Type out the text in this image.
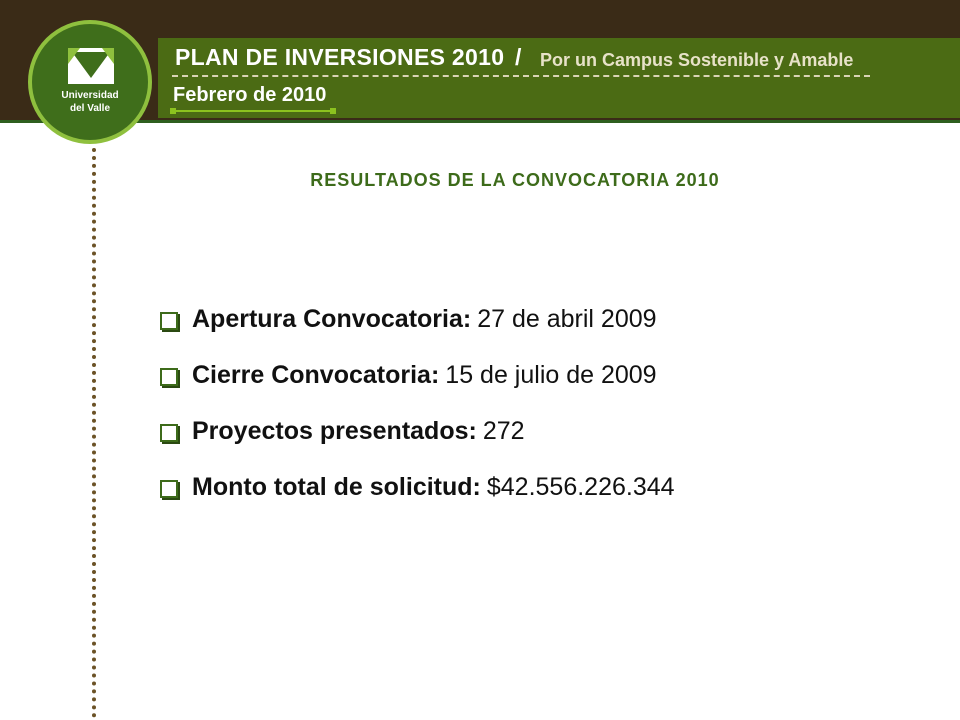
Universidad
del Valle
PLAN DE INVERSIONES 2010 / Por un Campus Sostenible y Amable
Febrero de 2010
RESULTADOS DE LA CONVOCATORIA 2010
Apertura Convocatoria: 27 de abril 2009
Cierre Convocatoria: 15 de julio de 2009
Proyectos presentados: 272
Monto total de solicitud: $42.556.226.344
